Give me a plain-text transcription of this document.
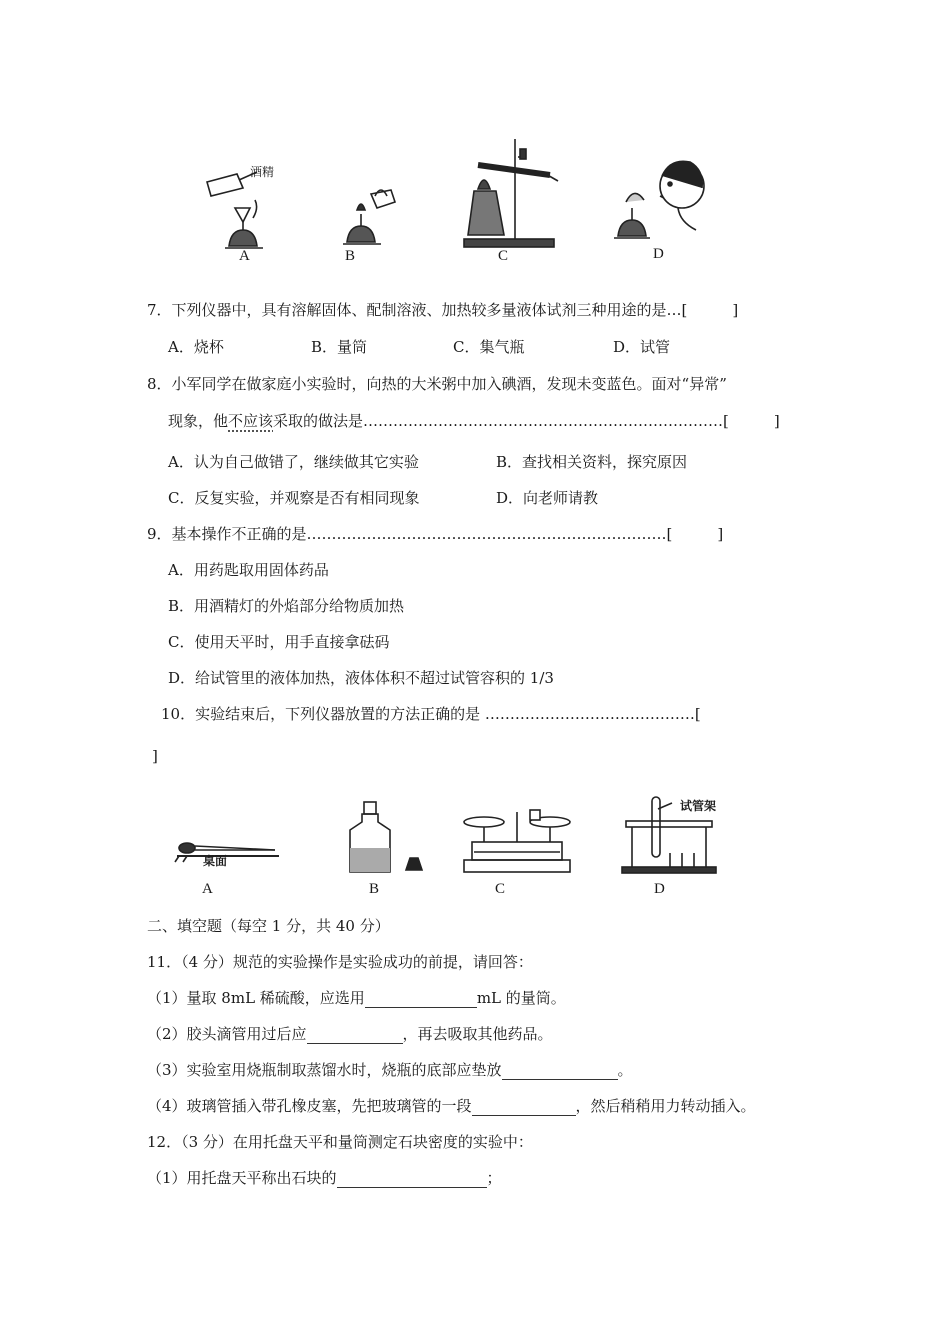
酒精
A	B	C	D
7．下列仪器中，具有溶解固体、配制溶液、加热较多量液体试剂三种用途的是…[　　　]
A．烧杯	B．量筒	C．集气瓶	D．试管
8．小军同学在做家庭小实验时，向热的大米粥中加入碘酒，发现未变蓝色。面对“异常”
现象，他不应该采取的做法是………………………………………………………………[　　　]
A．认为自己做错了，继续做其它实验	B．查找相关资料，探究原因
C．反复实验，并观察是否有相同现象	D．向老师请教
9．基本操作不正确的是………………………………………………………………[　　　]
A．用药匙取用固体药品
B．用酒精灯的外焰部分给物质加热
C．使用天平时，用手直接拿砝码
D．给试管里的液体加热，液体体积不超过试管容积的 1/3
10．实验结束后，下列仪器放置的方法正确的是 ……………………………………[
]
桌面
试管架
A	B	C	D
二、填空题（每空 1 分，共 40 分）
11．（4 分）规范的实验操作是实验成功的前提，请回答：
（1）量取 8mL 稀硫酸，应选用	mL 的量筒。
（2）胶头滴管用过后应	，再去吸取其他药品。
（3）实验室用烧瓶制取蒸馏水时，烧瓶的底部应垫放	。
（4）玻璃管插入带孔橡皮塞，先把玻璃管的一段	，然后稍稍用力转动插入。
12．（3 分）在用托盘天平和量筒测定石块密度的实验中：
（1）用托盘天平称出石块的	；
